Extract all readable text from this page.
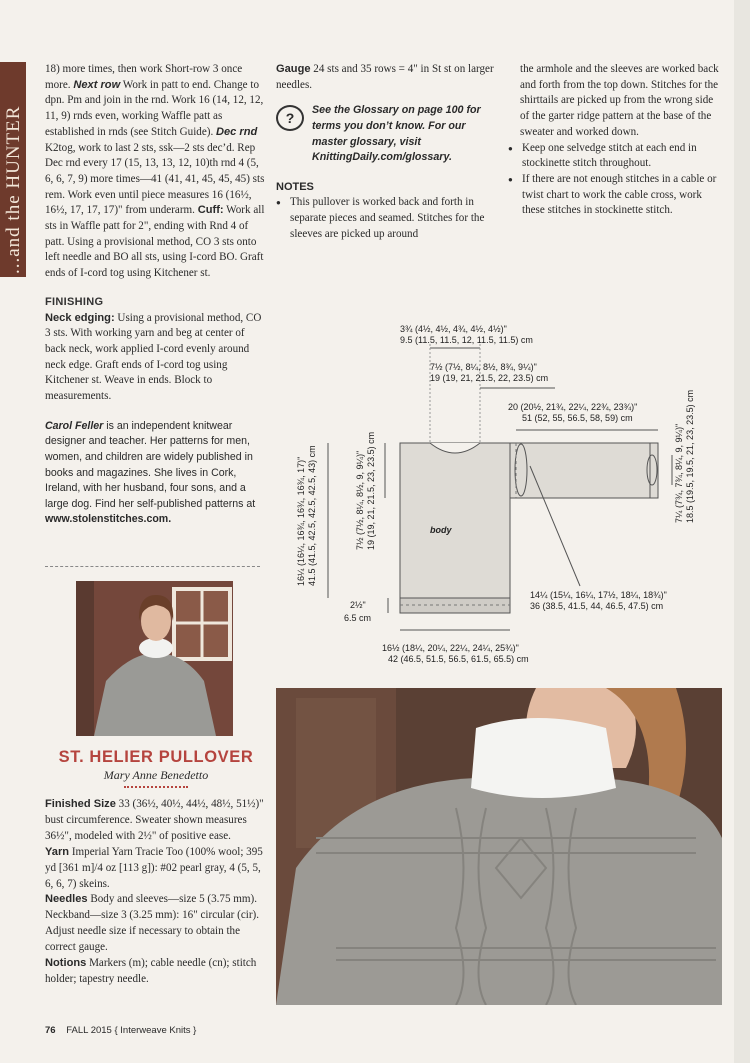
...and the HUNTER

18) more times, then work Short-row 3 once more. Next row Work in patt to end. Change to dpn. Pm and join in the rnd. Work 16 (14, 12, 12, 11, 9) rnds even, working Waffle patt as established in rnds (see Stitch Guide). Dec rnd K2tog, work to last 2 sts, ssk—2 sts dec’d. Rep Dec rnd every 17 (15, 13, 13, 12, 10)th rnd 4 (5, 6, 6, 7, 9) more times—41 (41, 41, 45, 45, 45) sts rem. Work even until piece measures 16 (16½, 16½, 17, 17, 17)" from underarm. Cuff: Work all sts in Waffle patt for 2", ending with Rnd 4 of patt. Using a provisional method, CO 3 sts onto left needle and BO all sts, using I-cord BO. Graft ends of I-cord tog using Kitchener st.

FINISHING

Neck edging: Using a provisional method, CO 3 sts. With working yarn and beg at center of back neck, work applied I-cord evenly around neck edge. Graft ends of I-cord tog using Kitchener st. Weave in ends. Block to measurements.

Carol Feller is an independent knitwear designer and teacher. Her patterns for men, women, and children are widely published in books and magazines. She lives in Cork, Ireland, with her husband, four sons, and a large dog. Find her self-published patterns at www.stolenstitches.com.

ST. HELIER PULLOVER
Mary Anne Benedetto

Finished Size 33 (36½, 40½, 44½, 48½, 51½)" bust circumference. Sweater shown measures 36½", modeled with 2½" of positive ease.

Yarn Imperial Yarn Tracie Too (100% wool; 395 yd [361 m]/4 oz [113 g]): #02 pearl gray, 4 (5, 5, 6, 6, 7) skeins.

Needles Body and sleeves—size 5 (3.75 mm). Neckband—size 3 (3.25 mm): 16" circular (cir). Adjust needle size if necessary to obtain the correct gauge.

Notions Markers (m); cable needle (cn); stitch holder; tapestry needle.

Gauge 24 sts and 35 rows = 4" in St st on larger needles.

?	See the Glossary on page 100 for terms you don’t know. For our master glossary, visit KnittingDaily.com/glossary.

NOTES

● This pullover is worked back and forth in separate pieces and seamed. Stitches for the sleeves are picked up around

the armhole and the sleeves are worked back and forth from the top down. Stitches for the shirttails are picked up from the wrong side of the garter ridge pattern at the base of the sweater and worked down.

● Keep one selvedge stitch at each end in stockinette stitch throughout.

● If there are not enough stitches in a cable or twist chart to work the cable cross, work these stitches in stockinette stitch.

body
3¾ (4½, 4½, 4¾, 4½, 4½)"
9.5 (11.5, 11.5, 12, 11.5, 11.5) cm
7½ (7½, 8¼, 8½, 8¾, 9¼)"
19 (19, 21, 21.5, 22, 23.5) cm
20 (20½, 21¾, 22¼, 22¾, 23¾)"
51 (52, 55, 56.5, 58, 59) cm
7½ (7½, 8¼, 8½, 9, 9¼)" 19 (19, 21, 21.5, 23, 23.5) cm
16¼ (16¼, 16¾, 16¾, 16¾, 17)" 41.5 (41.5, 42.5, 42.5, 42.5, 43) cm	7¼ (7¾, 7¾, 8¼, 9, 9¼)" 18.5 (19.5, 19.5, 21, 23, 23.5) cm
2½"
6.5 cm
14¼ (15¼, 16¼, 17½, 18¼, 18¾)"
36 (38.5, 41.5, 44, 46.5, 47.5) cm
16½ (18¼, 20¼, 22¼, 24¼, 25¾)"
42 (46.5, 51.5, 56.5, 61.5, 65.5) cm
76 FALL 2015 { Interweave Knits }
